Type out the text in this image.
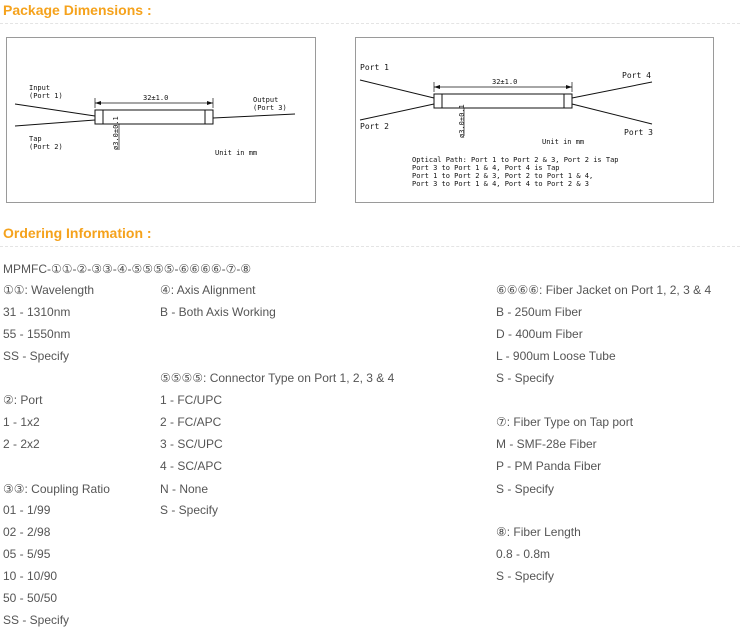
Package Dimensions :
32±1.0
ø3.0±0.1
Input
(Port 1)
Tap
(Port 2)
Output
(Port 3)
Unit in mm
32±1.0
ø3.0±0.1
Port 1
Port 2
Port 4
Port 3
Unit in mm
Optical Path: Port 1 to Port 2 & 3, Port 2 is Tap
Port 3 to Port 1 & 4, Port 4 is Tap
Port 1 to Port 2 & 3, Port 2 to Port 1 & 4,
Port 3 to Port 1 & 4, Port 4 to Port 2 & 3
Ordering Information :
MPMFC-①①-②-③③-④-⑤⑤⑤⑤-⑥⑥⑥⑥-⑦-⑧
①①: Wavelength
31 - 1310nm
55 - 1550nm
SS - Specify
②: Port
1 - 1x2
2 - 2x2
③③: Coupling Ratio
01 - 1/99
02 - 2/98
05 - 5/95
10 - 10/90
50 - 50/50
SS - Specify
④: Axis Alignment
B - Both Axis Working
⑤⑤⑤⑤: Connector Type on Port 1, 2, 3 & 4
1 - FC/UPC
2 - FC/APC
3 - SC/UPC
4 - SC/APC
N - None
S - Specify
⑥⑥⑥⑥: Fiber Jacket on Port 1, 2, 3 & 4
B - 250um Fiber
D - 400um Fiber
L - 900um Loose Tube
S - Specify
⑦: Fiber Type on Tap port
M - SMF-28e Fiber
P - PM Panda Fiber
S - Specify
⑧: Fiber Length
0.8 - 0.8m
S - Specify
